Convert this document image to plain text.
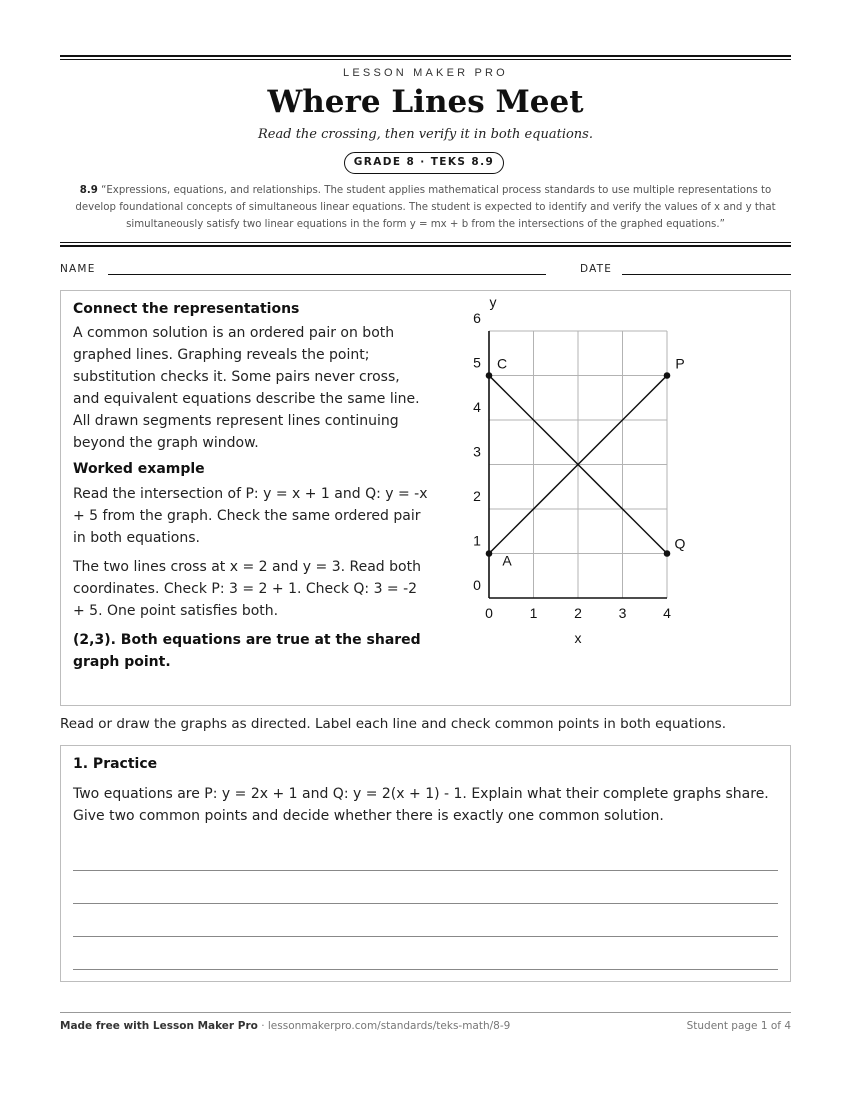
LESSON MAKER PRO
Where Lines Meet
Read the crossing, then verify it in both equations.
GRADE 8 · TEKS 8.9
8.9 “Expressions, equations, and relationships. The student applies mathematical process standards to use multiple representations to develop foundational concepts of simultaneous linear equations. The student is expected to identify and verify the values of x and y that simultaneously satisfy two linear equations in the form y = mx + b from the intersections of the graphed equations.”
NAME	DATE

Connect the representations

A common solution is an ordered pair on both graphed lines. Graphing reveals the point; substitution checks it. Some pairs never cross, and equivalent equations describe the same line. All drawn segments represent lines continuing beyond the graph window.

Worked example

Read the intersection of P: y = x + 1 and Q: y = -x + 5 from the graph. Check the same ordered pair in both equations.

The two lines cross at x = 2 and y = 3. Read both coordinates. Check P: 3 = 2 + 1. Check Q: 3 = -2 + 5. One point satisfies both.

(2,3). Both equations are true at the shared graph point.

0	1	2	3	4
0
1
2
3
4
5
6
x
y
A
P
C
Q
Read or draw the graphs as directed. Label each line and check common points in both equations.

1. Practice

Two equations are P: y = 2x + 1 and Q: y = 2(x + 1) - 1. Explain what their complete graphs share. Give two common points and decide whether there is exactly one common solution.

Made free with Lesson Maker Pro · lessonmakerpro.com/standards/teks-math/8-9	Student page 1 of 4
